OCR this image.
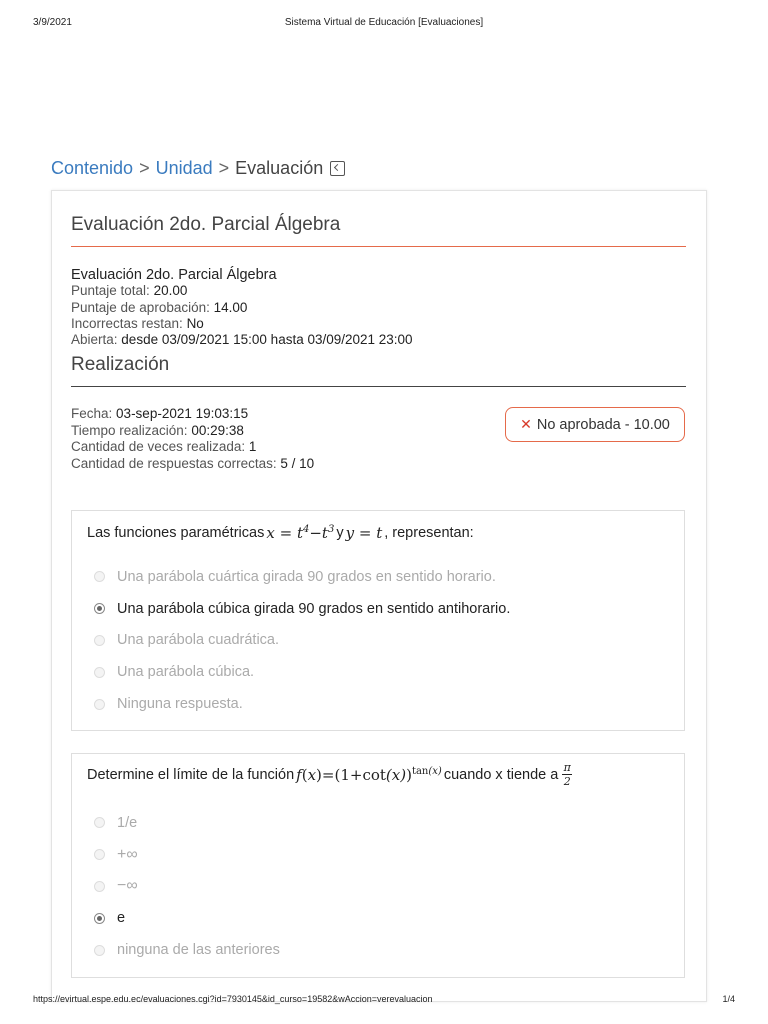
3/9/2021	Sistema Virtual de Educación [Evaluaciones]
Contenido > Unidad > Evaluación
Evaluación 2do. Parcial Álgebra
Evaluación 2do. Parcial Álgebra
Puntaje total: 20.00
Puntaje de aprobación: 14.00
Incorrectas restan: No
Abierta: desde 03/09/2021 15:00 hasta 03/09/2021 23:00
Realización
Fecha: 03-sep-2021 19:03:15
Tiempo realización: 00:29:38
Cantidad de veces realizada: 1
Cantidad de respuestas correctas: 5 / 10
✕ No aprobada - 10.00
Las funciones paramétricas $x = t^4-t^3$ y y = t , representan:
Una parábola cuártica girada 90 grados en sentido horario.
Una parábola cúbica girada 90 grados en sentido antihorario.
Una parábola cuadrática.
Una parábola cúbica.
Ninguna respuesta.
Determine el límite de la función $f(x)=(1+\cot(x))^{tan(x)}$ cuando x tiende a $\frac{\pi}{2}$
1/e
+∞
−∞
e
ninguna de las anteriores
https://evirtual.espe.edu.ec/evaluaciones.cgi?id=7930145&id_curso=19582&wAccion=verevaluacion	1/4
